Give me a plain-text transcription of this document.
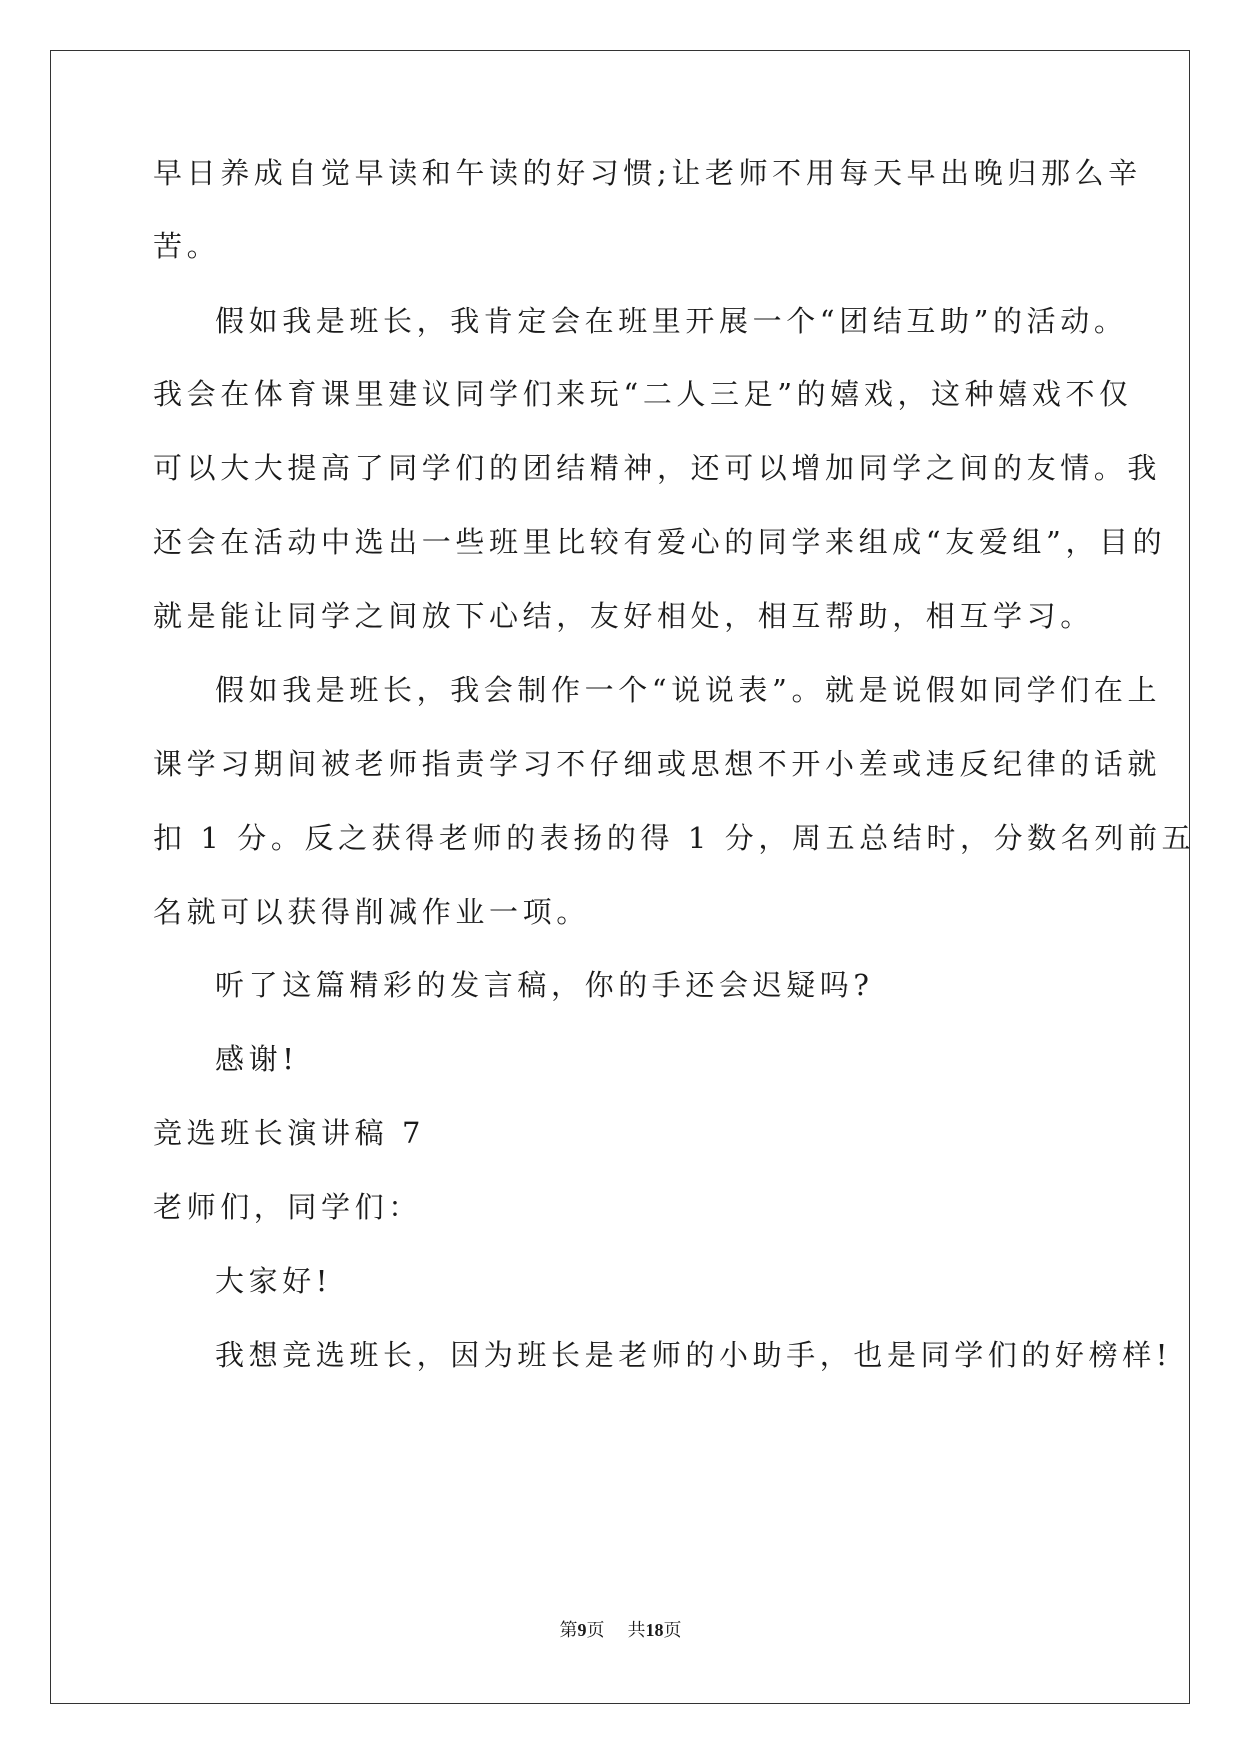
早日养成自觉早读和午读的好习惯;让老师不用每天早出晚归那么辛
苦。
假如我是班长，我肯定会在班里开展一个“团结互助”的活动。
我会在体育课里建议同学们来玩“二人三足”的嬉戏，这种嬉戏不仅
可以大大提高了同学们的团结精神，还可以增加同学之间的友情。我
还会在活动中选出一些班里比较有爱心的同学来组成“友爱组”，目的
就是能让同学之间放下心结，友好相处，相互帮助，相互学习。
假如我是班长，我会制作一个“说说表”。就是说假如同学们在上
课学习期间被老师指责学习不仔细或思想不开小差或违反纪律的话就
扣 1 分。反之获得老师的表扬的得 1 分，周五总结时，分数名列前五
名就可以获得削减作业一项。
听了这篇精彩的发言稿，你的手还会迟疑吗?
感谢!
竞选班长演讲稿 7
老师们，同学们：
大家好!
我想竞选班长，因为班长是老师的小助手，也是同学们的好榜样!
第9页 共18页
